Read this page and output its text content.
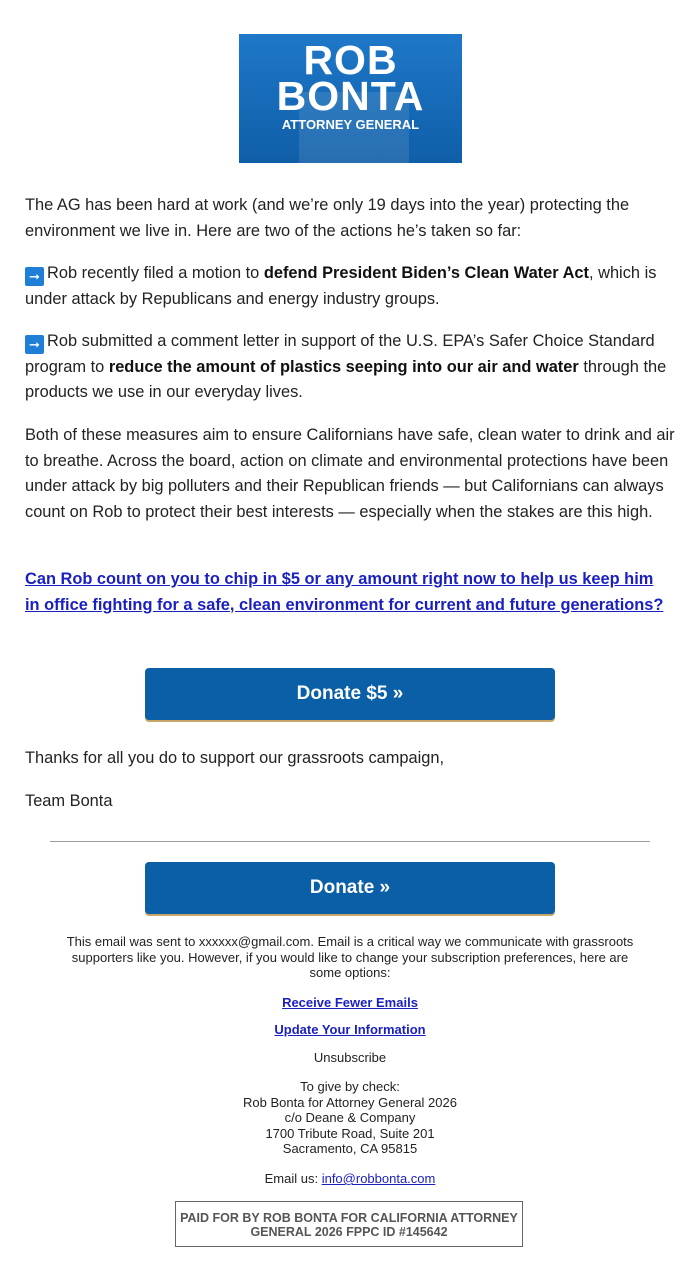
ROB
BONTA
ATTORNEY GENERAL

The AG has been hard at work (and we’re only 19 days into the year) protecting the environment we live in. Here are two of the actions he’s taken so far:

➞ Rob recently filed a motion to defend President Biden’s Clean Water Act, which is under attack by Republicans and energy industry groups.

➞ Rob submitted a comment letter in support of the U.S. EPA’s Safer Choice Standard program to reduce the amount of plastics seeping into our air and water through the products we use in our everyday lives.

Both of these measures aim to ensure Californians have safe, clean water to drink and air to breathe. Across the board, action on climate and environmental protections have been under attack by big polluters and their Republican friends — but Californians can always count on Rob to protect their best interests — especially when the stakes are this high.

Can Rob count on you to chip in $5 or any amount right now to help us keep him in office fighting for a safe, clean environment for current and future generations?
Donate $5 »

Thanks for all you do to support our grassroots campaign,

Team Bonta

Donate »
This email was sent to xxxxxx@gmail.com. Email is a critical way we communicate with grassroots supporters like you. However, if you would like to change your subscription preferences, here are some options:
Receive Fewer Emails
Update Your Information
Unsubscribe
To give by check:
Rob Bonta for Attorney General 2026
c/o Deane & Company
1700 Tribute Road, Suite 201
Sacramento, CA 95815
Email us: info@robbonta.com
PAID FOR BY ROB BONTA FOR CALIFORNIA ATTORNEY GENERAL 2026 FPPC ID #145642
